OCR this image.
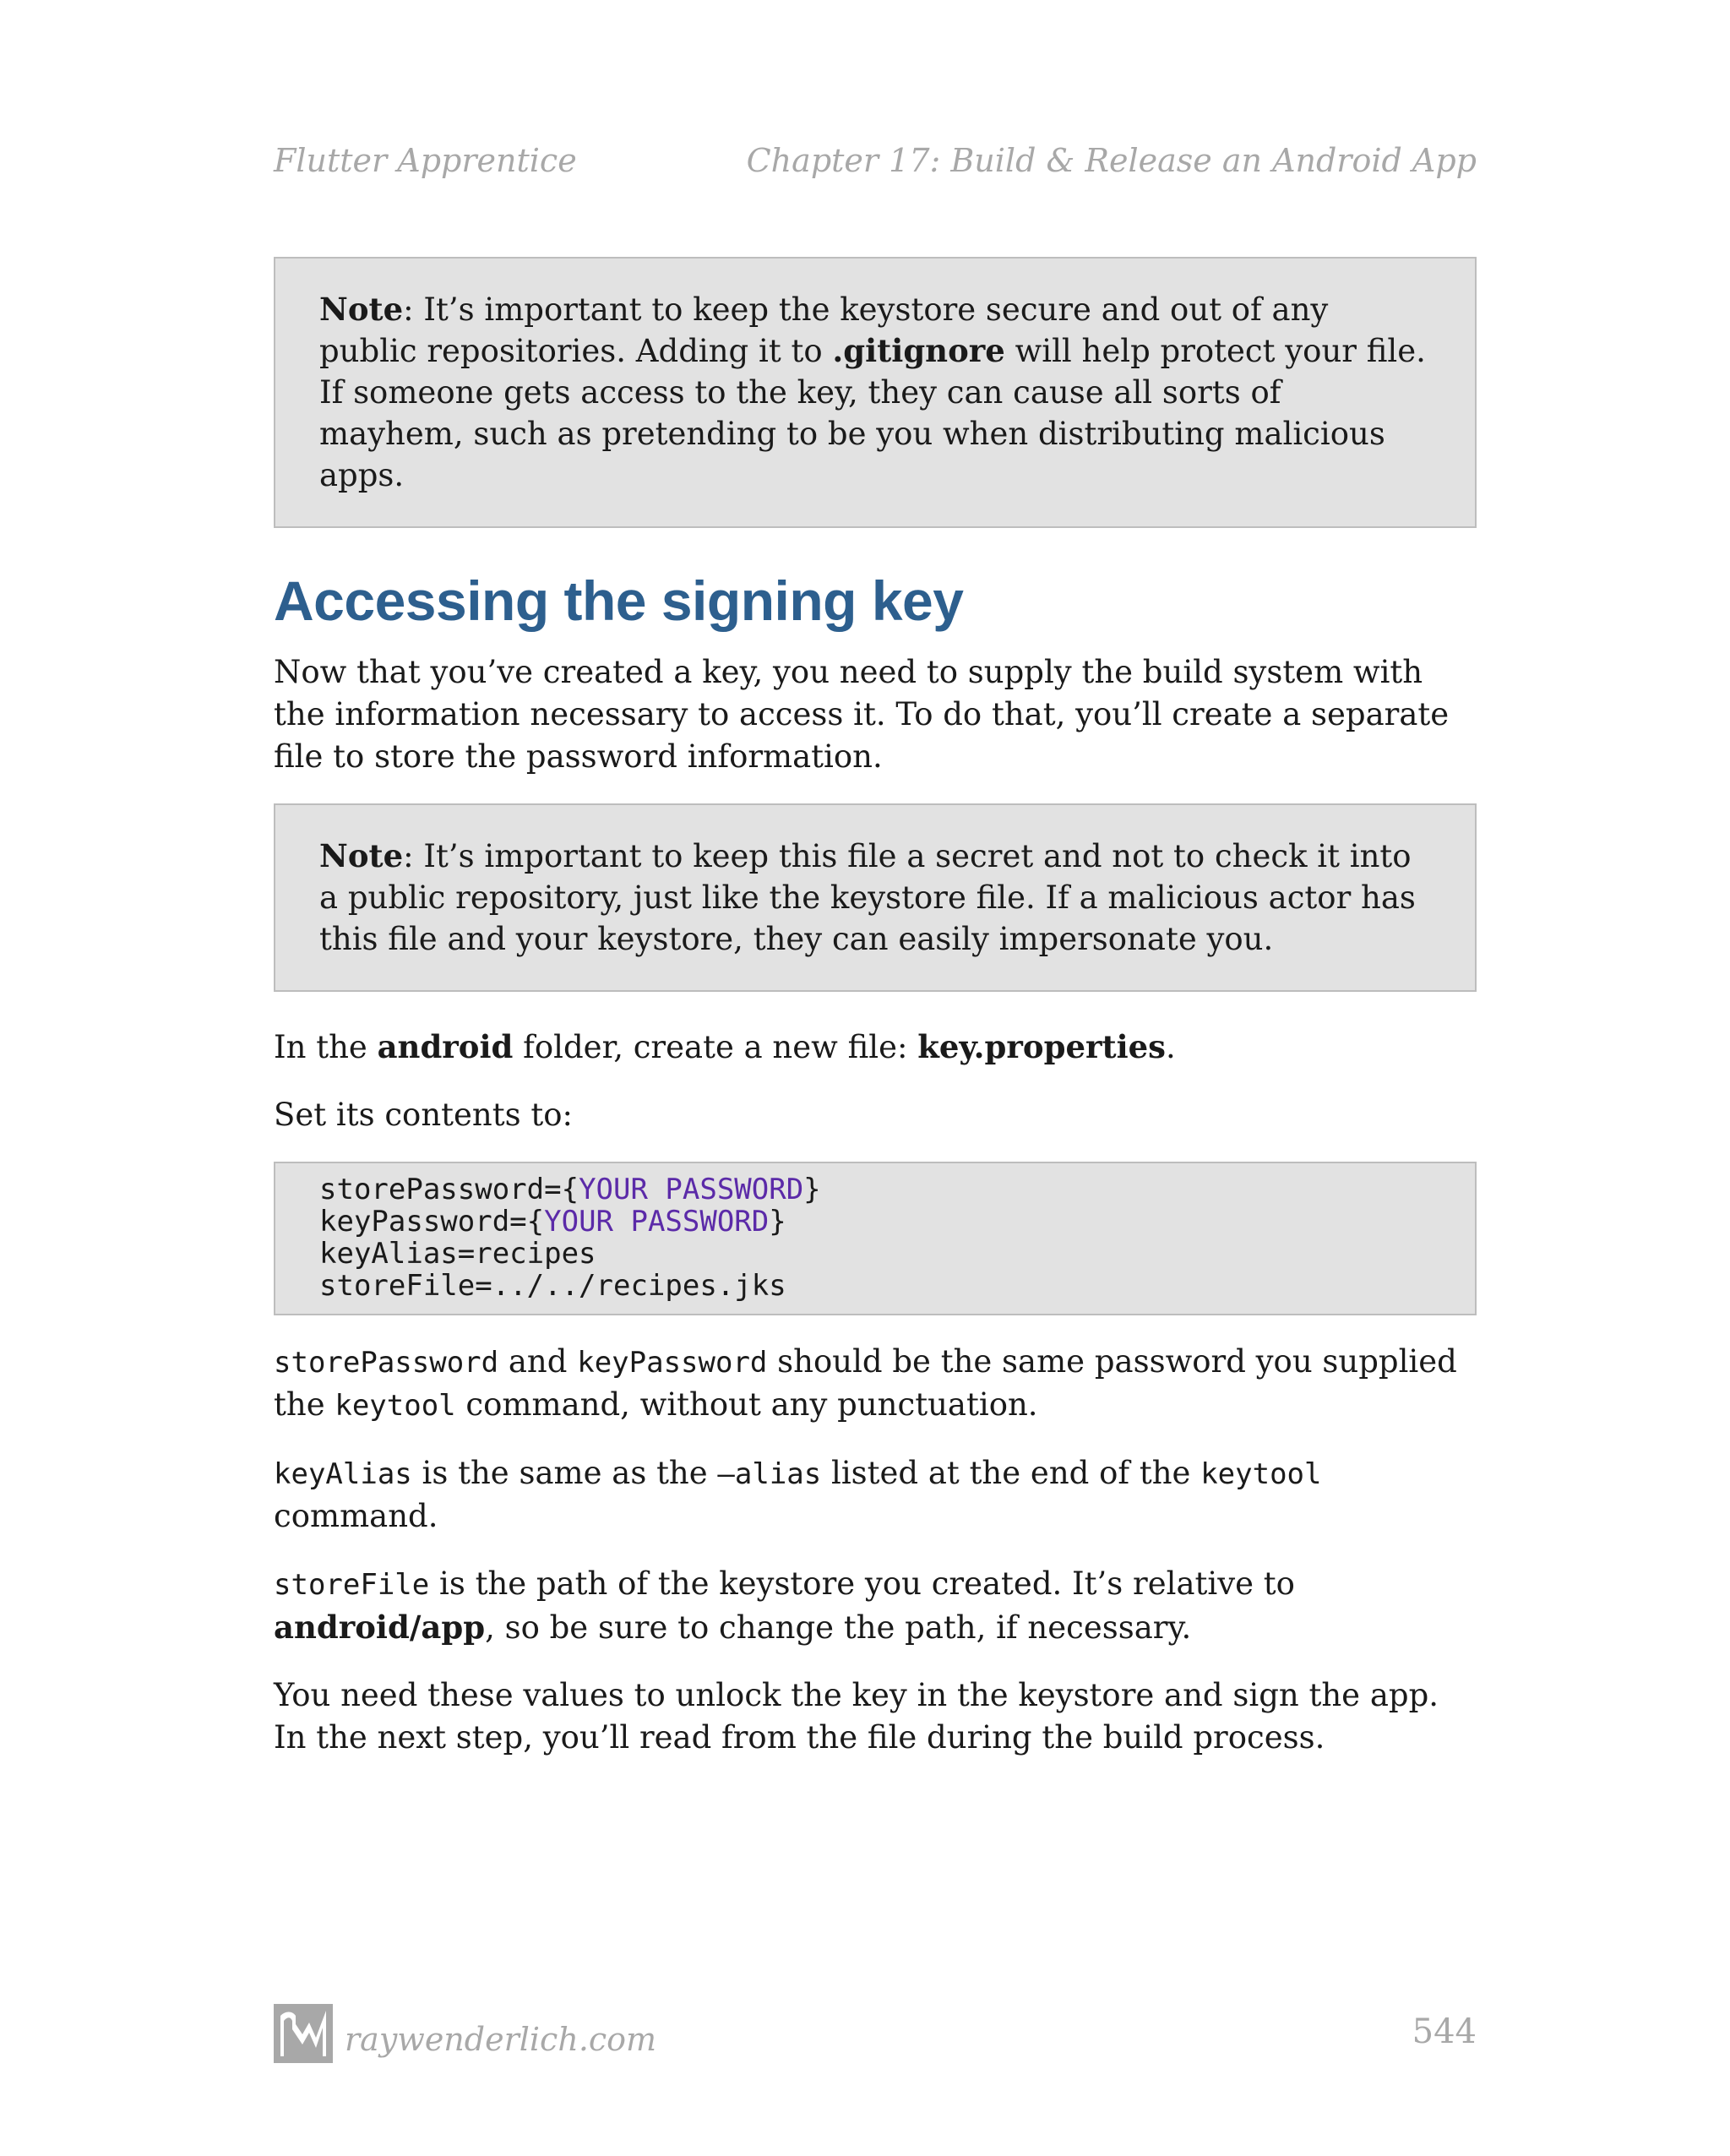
Flutter Apprentice	Chapter 17: Build & Release an Android App
Note: It’s important to keep the keystore secure and out of any public repositories. Adding it to .gitignore will help protect your file. If someone gets access to the key, they can cause all sorts of mayhem, such as pretending to be you when distributing malicious apps.
Accessing the signing key

Now that you’ve created a key, you need to supply the build system with the information necessary to access it. To do that, you’ll create a separate file to store the password information.

Note: It’s important to keep this file a secret and not to check it into a public repository, just like the keystore file. If a malicious actor has this file and your keystore, they can easily impersonate you.

In the android folder, create a new file: key.properties.

Set its contents to:

storePassword={YOUR PASSWORD}
keyPassword={YOUR PASSWORD}
keyAlias=recipes
storeFile=../../recipes.jks

storePassword and keyPassword should be the same password you supplied the keytool command, without any punctuation.

keyAlias is the same as the –alias listed at the end of the keytool command.

storeFile is the path of the keystore you created. It’s relative to android/app, so be sure to change the path, if necessary.

You need these values to unlock the key in the keystore and sign the app. In the next step, you’ll read from the file during the build process.

raywenderlich.com	544
